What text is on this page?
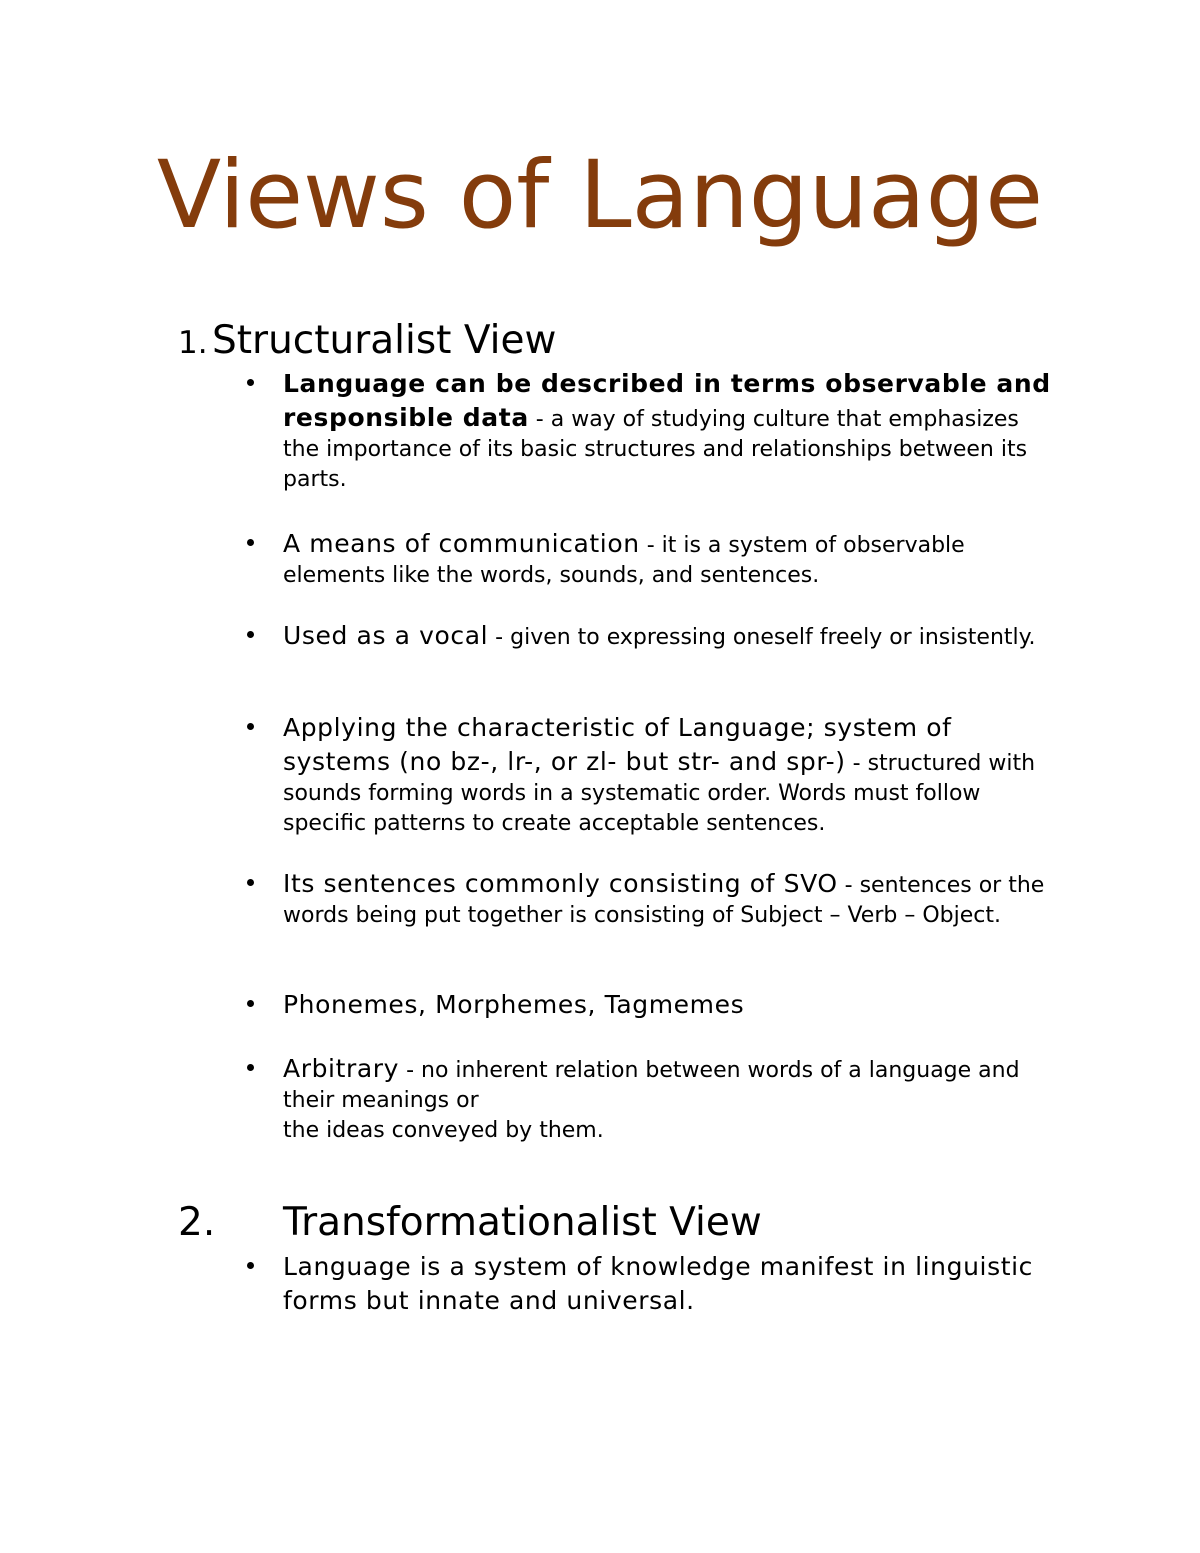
Views of Language
1. Structuralist View
Language can be described in terms observable and responsible data - a way of studying culture that emphasizes the importance of its basic structures and relationships between its parts.
A means of communication - it is a system of observable elements like the words, sounds, and sentences.
Used as a vocal - given to expressing oneself freely or insistently.
Applying the characteristic of Language; system of systems (no bz-, lr-, or zl- but str- and spr-) - structured with sounds forming words in a systematic order. Words must follow specific patterns to create acceptable sentences.
Its sentences commonly consisting of SVO - sentences or the words being put together is consisting of Subject – Verb – Object.
Phonemes, Morphemes, Tagmemes
Arbitrary - no inherent relation between words of a language and their meanings or
the ideas conveyed by them.
2. Transformationalist View
Language is a system of knowledge manifest in linguistic forms but innate and universal.
